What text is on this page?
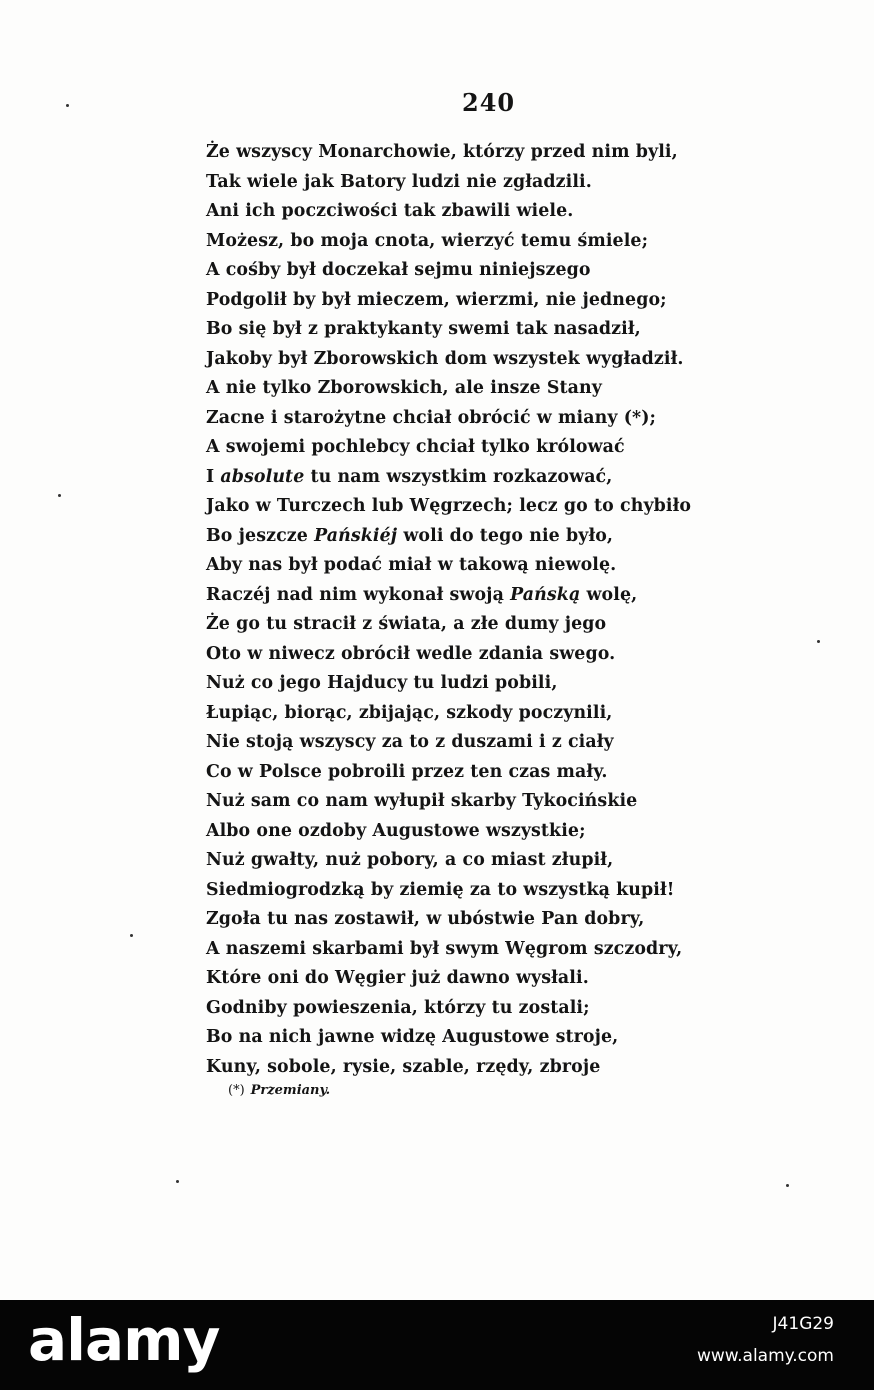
240
Że wszyscy Monarchowie, którzy przed nim byli,
Tak wiele jak Batory ludzi nie zgładzili.
Ani ich poczciwości tak zbawili wiele.
Możesz, bo moja cnota, wierzyć temu śmiele;
A cośby był doczekał sejmu niniejszego
Podgolił by był mieczem, wierzmi, nie jednego;
Bo się był z praktykanty swemi tak nasadził,
Jakoby był Zborowskich dom wszystek wygładził.
A nie tylko Zborowskich, ale insze Stany
Zacne i starożytne chciał obrócić w miany (*);
A swojemi pochlebcy chciał tylko królować
I absolute tu nam wszystkim rozkazować,
Jako w Turczech lub Węgrzech; lecz go to chybiło
Bo jeszcze Pańskiéj woli do tego nie było,
Aby nas był podać miał w takową niewolę.
Raczéj nad nim wykonał swoją Pańską wolę,
Że go tu stracił z świata, a złe dumy jego
Oto w niwecz obrócił wedle zdania swego.
Nuż co jego Hajducy tu ludzi pobili,
Łupiąc, biorąc, zbijając, szkody poczynili,
Nie stoją wszyscy za to z duszami i z ciały
Co w Polsce pobroili przez ten czas mały.
Nuż sam co nam wyłupił skarby Tykocińskie
Albo one ozdoby Augustowe wszystkie;
Nuż gwałty, nuż pobory, a co miast złupił,
Siedmiogrodzką by ziemię za to wszystką kupił!
Zgoła tu nas zostawił, w ubóstwie Pan dobry,
A naszemi skarbami był swym Węgrom szczodry,
Które oni do Węgier już dawno wysłali.
Godniby powieszenia, którzy tu zostali;
Bo na nich jawne widzę Augustowe stroje,
Kuny, sobole, rysie, szable, rzędy, zbroje
(*) Przemiany.
alamy	J41G29
www.alamy.com
